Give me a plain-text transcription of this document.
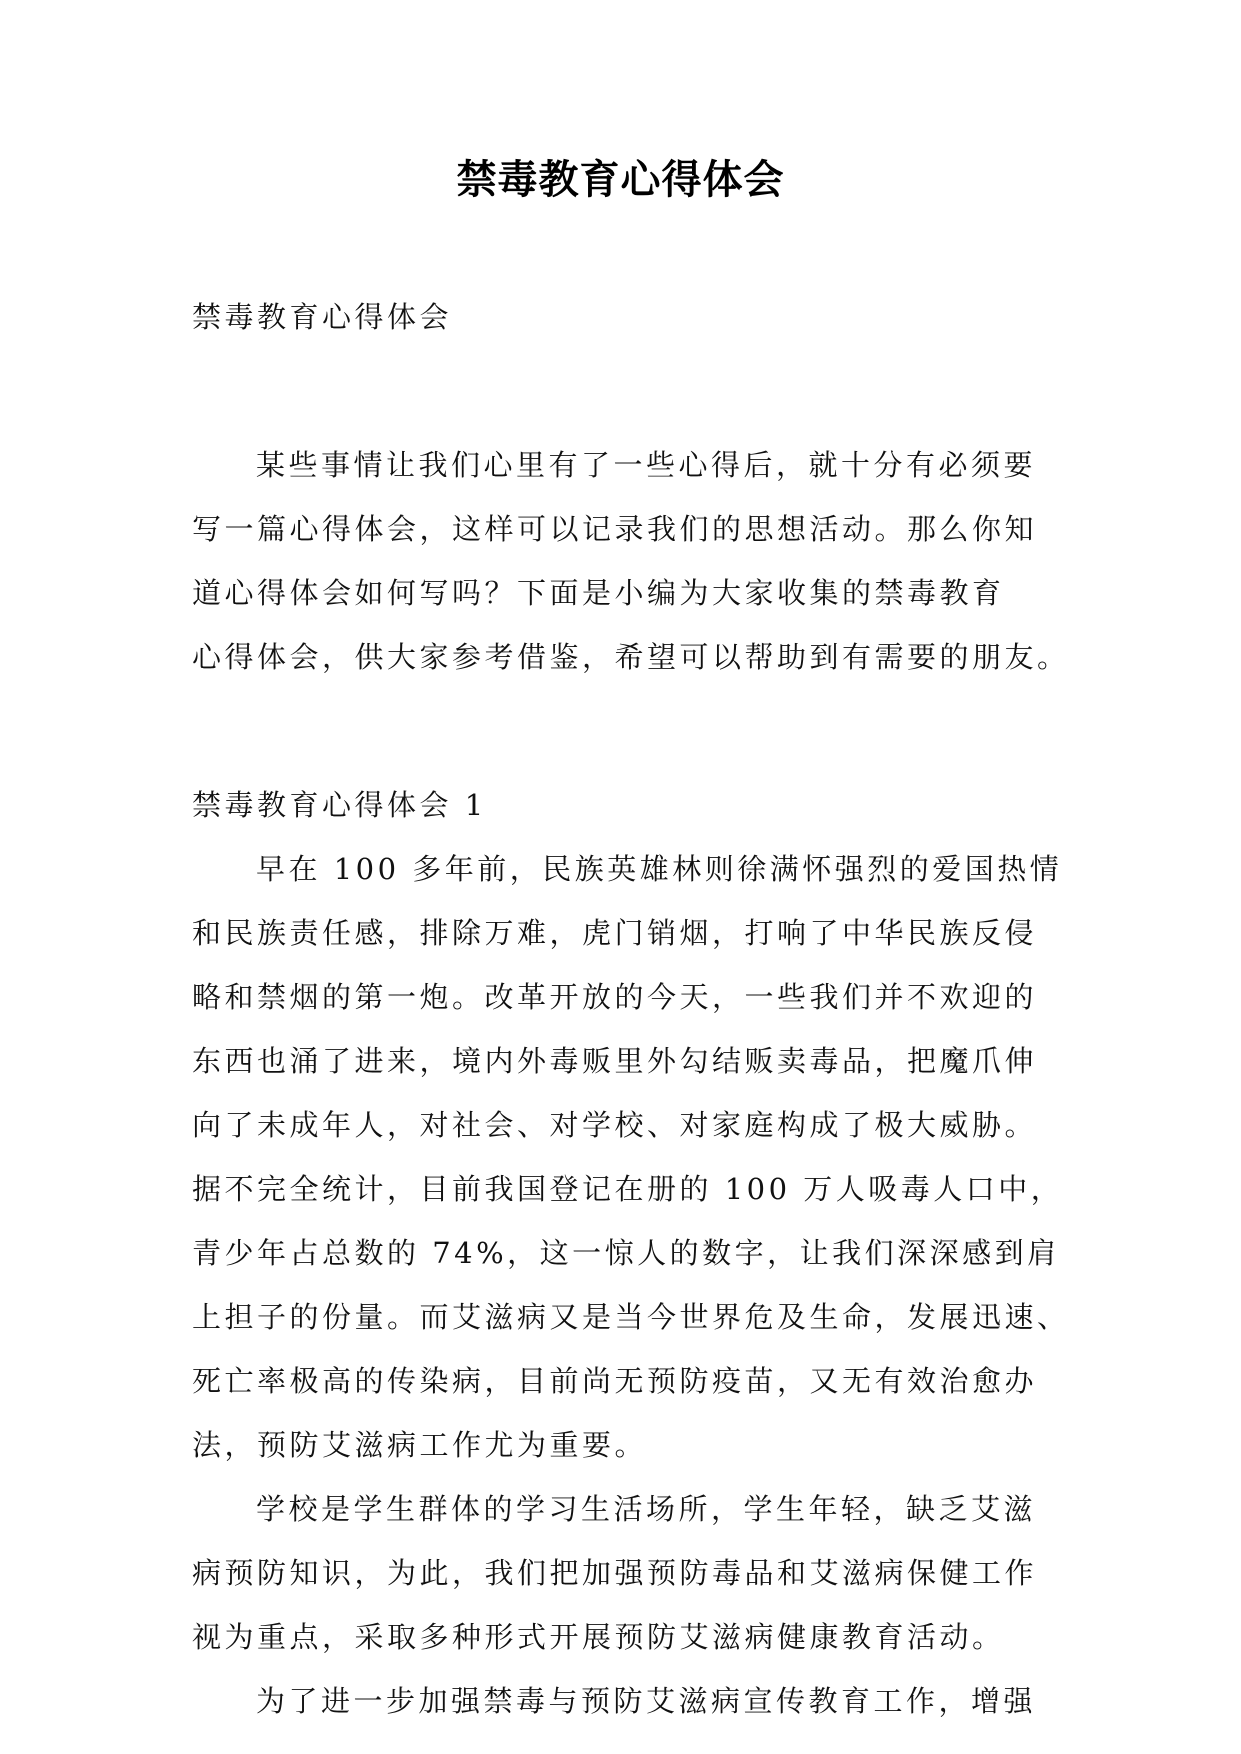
禁毒教育心得体会
禁毒教育心得体会
某些事情让我们心里有了一些心得后，就十分有必须要
写一篇心得体会，这样可以记录我们的思想活动。那么你知
道心得体会如何写吗？下面是小编为大家收集的禁毒教育
心得体会，供大家参考借鉴，希望可以帮助到有需要的朋友。
禁毒教育心得体会 1
早在 100 多年前，民族英雄林则徐满怀强烈的爱国热情
和民族责任感，排除万难，虎门销烟，打响了中华民族反侵
略和禁烟的第一炮。改革开放的今天，一些我们并不欢迎的
东西也涌了进来，境内外毒贩里外勾结贩卖毒品，把魔爪伸
向了未成年人，对社会、对学校、对家庭构成了极大威胁。
据不完全统计，目前我国登记在册的 100 万人吸毒人口中，
青少年占总数的 74%，这一惊人的数字，让我们深深感到肩
上担子的份量。而艾滋病又是当今世界危及生命，发展迅速、
死亡率极高的传染病，目前尚无预防疫苗，又无有效治愈办
法，预防艾滋病工作尤为重要。
学校是学生群体的学习生活场所，学生年轻，缺乏艾滋
病预防知识，为此，我们把加强预防毒品和艾滋病保健工作
视为重点，采取多种形式开展预防艾滋病健康教育活动。
为了进一步加强禁毒与预防艾滋病宣传教育工作，增强
